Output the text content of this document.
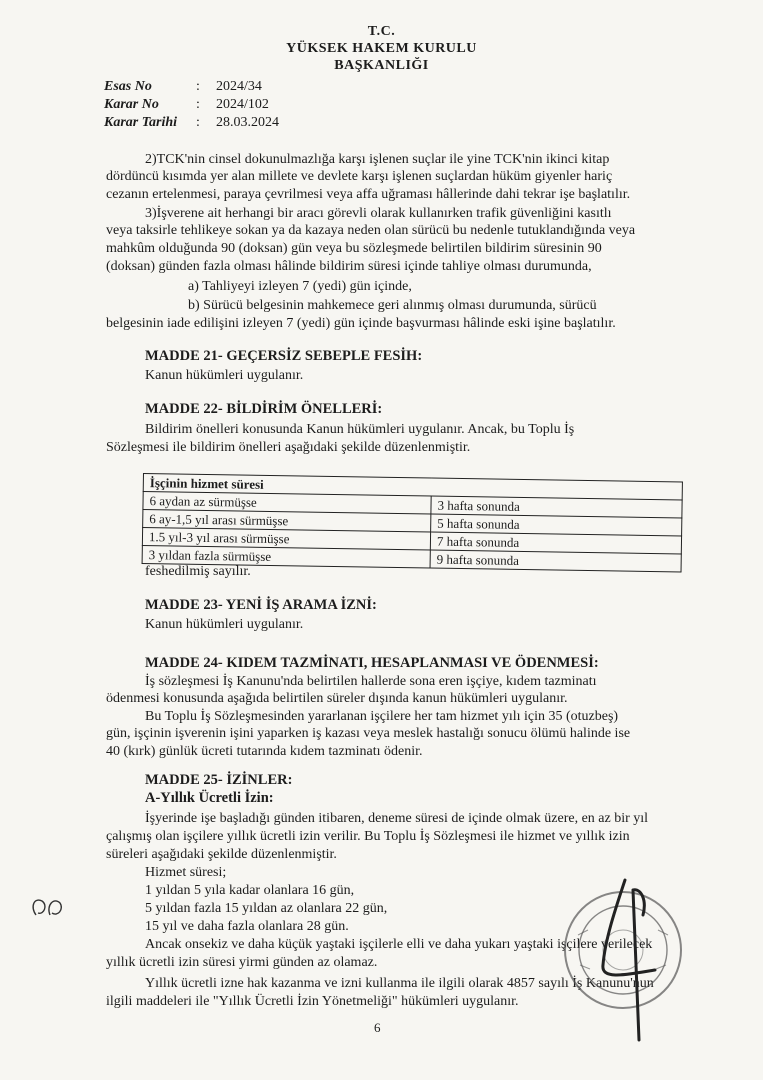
T.C.
YÜKSEK HAKEM KURULU
BAŞKANLIĞI
Esas No	:	2024/34
Karar No	:	2024/102
Karar Tarihi	:	28.03.2024
2)TCK'nin cinsel dokunulmazlığa karşı işlenen suçlar ile yine TCK'nin ikinci kitap
dördüncü kısımda yer alan millete ve devlete karşı işlenen suçlardan hüküm giyenler hariç
cezanın ertelenmesi, paraya çevrilmesi veya affa uğraması hâllerinde dahi tekrar işe başlatılır.
3)İşverene ait herhangi bir aracı görevli olarak kullanırken trafik güvenliğini kasıtlı
veya taksirle tehlikeye sokan ya da kazaya neden olan sürücü bu nedenle tutuklandığında veya
mahkûm olduğunda 90 (doksan) gün veya bu sözleşmede belirtilen bildirim süresinin 90
(doksan) günden fazla olması hâlinde bildirim süresi içinde tahliye olması durumunda,
a) Tahliyeyi izleyen 7 (yedi) gün içinde,
b) Sürücü belgesinin mahkemece geri alınmış olması durumunda, sürücü
belgesinin iade edilişini izleyen 7 (yedi) gün içinde başvurması hâlinde eski işine başlatılır.
MADDE 21- GEÇERSİZ SEBEPLE FESİH:
Kanun hükümleri uygulanır.
MADDE 22- BİLDİRİM ÖNELLERİ:
Bildirim önelleri konusunda Kanun hükümleri uygulanır. Ancak, bu Toplu İş
Sözleşmesi ile bildirim önelleri aşağıdaki şekilde düzenlenmiştir.
İşçinin hizmet süresi	
6 aydan az sürmüşse	3 hafta sonunda
6 ay-1,5 yıl arası sürmüşse	5 hafta sonunda
1.5 yıl-3 yıl arası sürmüşse	7 hafta sonunda
3 yıldan fazla sürmüşse	9 hafta sonunda
feshedilmiş sayılır.
MADDE 23- YENİ İŞ ARAMA İZNİ:
Kanun hükümleri uygulanır.
MADDE 24- KIDEM TAZMİNATI, HESAPLANMASI VE ÖDENMESİ:
İş sözleşmesi İş Kanunu'nda belirtilen hallerde sona eren işçiye, kıdem tazminatı
ödenmesi konusunda aşağıda belirtilen süreler dışında kanun hükümleri uygulanır.
Bu Toplu İş Sözleşmesinden yararlanan işçilere her tam hizmet yılı için 35 (otuzbeş)
gün, işçinin işverenin işini yaparken iş kazası veya meslek hastalığı sonucu ölümü halinde ise
40 (kırk) günlük ücreti tutarında kıdem tazminatı ödenir.
MADDE 25- İZİNLER:
A-Yıllık Ücretli İzin:
İşyerinde işe başladığı günden itibaren, deneme süresi de içinde olmak üzere, en az bir yıl
çalışmış olan işçilere yıllık ücretli izin verilir. Bu Toplu İş Sözleşmesi ile hizmet ve yıllık izin
süreleri aşağıdaki şekilde düzenlenmiştir.
Hizmet süresi;
1 yıldan 5 yıla kadar olanlara 16 gün,
5 yıldan fazla 15 yıldan az olanlara 22 gün,
15 yıl ve daha fazla olanlara 28 gün.
Ancak onsekiz ve daha küçük yaştaki işçilerle elli ve daha yukarı yaştaki işçilere verilecek
yıllık ücretli izin süresi yirmi günden az olamaz.
Yıllık ücretli izne hak kazanma ve izni kullanma ile ilgili olarak 4857 sayılı İş Kanunu'nun
ilgili maddeleri ile "Yıllık Ücretli İzin Yönetmeliği" hükümleri uygulanır.
6
